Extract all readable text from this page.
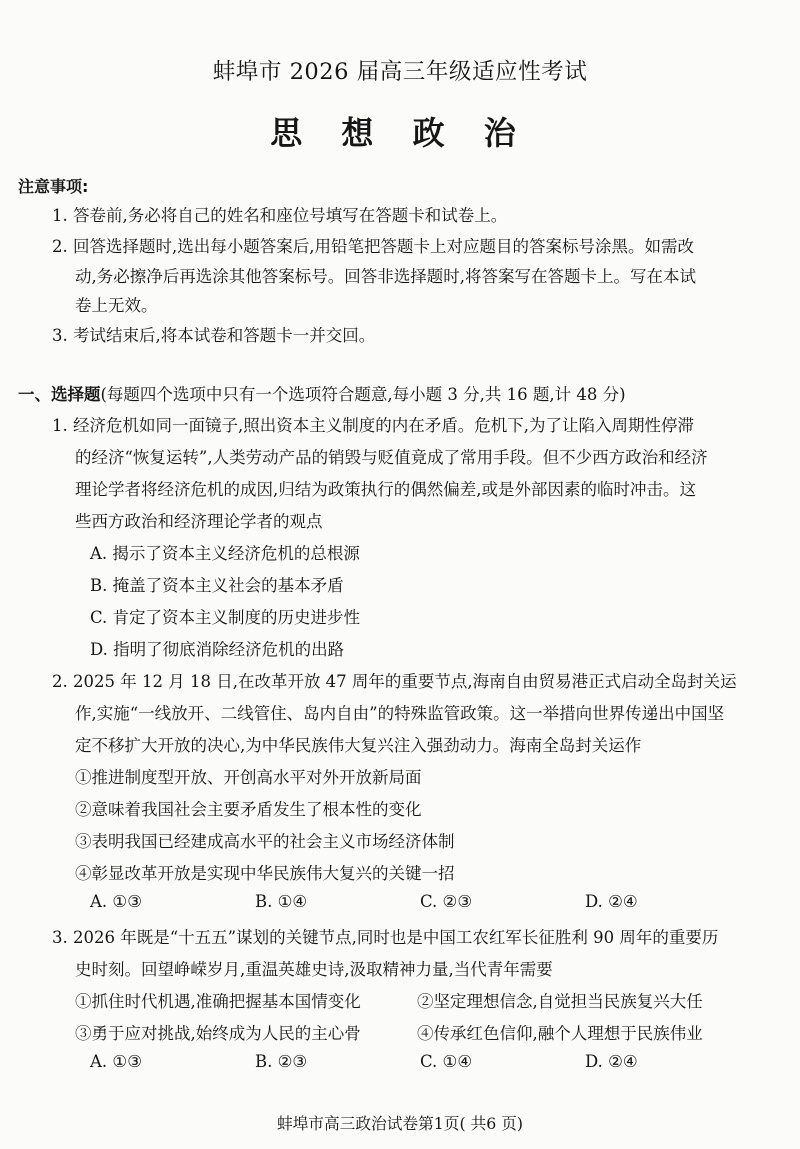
蚌埠市 2026 届高三年级适应性考试
思 想 政 治
注意事项:
1. 答卷前,务必将自己的姓名和座位号填写在答题卡和试卷上。
2. 回答选择题时,选出每小题答案后,用铅笔把答题卡上对应题目的答案标号涂黑。如需改
动,务必擦净后再选涂其他答案标号。回答非选择题时,将答案写在答题卡上。写在本试
卷上无效。
3. 考试结束后,将本试卷和答题卡一并交回。
一、选择题(每题四个选项中只有一个选项符合题意,每小题 3 分,共 16 题,计 48 分)
1. 经济危机如同一面镜子,照出资本主义制度的内在矛盾。危机下,为了让陷入周期性停滞
的经济“恢复运转”,人类劳动产品的销毁与贬值竟成了常用手段。但不少西方政治和经济
理论学者将经济危机的成因,归结为政策执行的偶然偏差,或是外部因素的临时冲击。这
些西方政治和经济理论学者的观点
A. 揭示了资本主义经济危机的总根源
B. 掩盖了资本主义社会的基本矛盾
C. 肯定了资本主义制度的历史进步性
D. 指明了彻底消除经济危机的出路
2. 2025 年 12 月 18 日,在改革开放 47 周年的重要节点,海南自由贸易港正式启动全岛封关运
作,实施“一线放开、二线管住、岛内自由”的特殊监管政策。这一举措向世界传递出中国坚
定不移扩大开放的决心,为中华民族伟大复兴注入强劲动力。海南全岛封关运作
①推进制度型开放、开创高水平对外开放新局面
②意味着我国社会主要矛盾发生了根本性的变化
③表明我国已经建成高水平的社会主义市场经济体制
④彰显改革开放是实现中华民族伟大复兴的关键一招
A. ①③	B. ①④	C. ②③	D. ②④
3. 2026 年既是“十五五”谋划的关键节点,同时也是中国工农红军长征胜利 90 周年的重要历
史时刻。回望峥嵘岁月,重温英雄史诗,汲取精神力量,当代青年需要
①抓住时代机遇,准确把握基本国情变化	②坚定理想信念,自觉担当民族复兴大任
③勇于应对挑战,始终成为人民的主心骨	④传承红色信仰,融个人理想于民族伟业
A. ①③	B. ②③	C. ①④	D. ②④
蚌埠市高三政治试卷第1页( 共6 页)
